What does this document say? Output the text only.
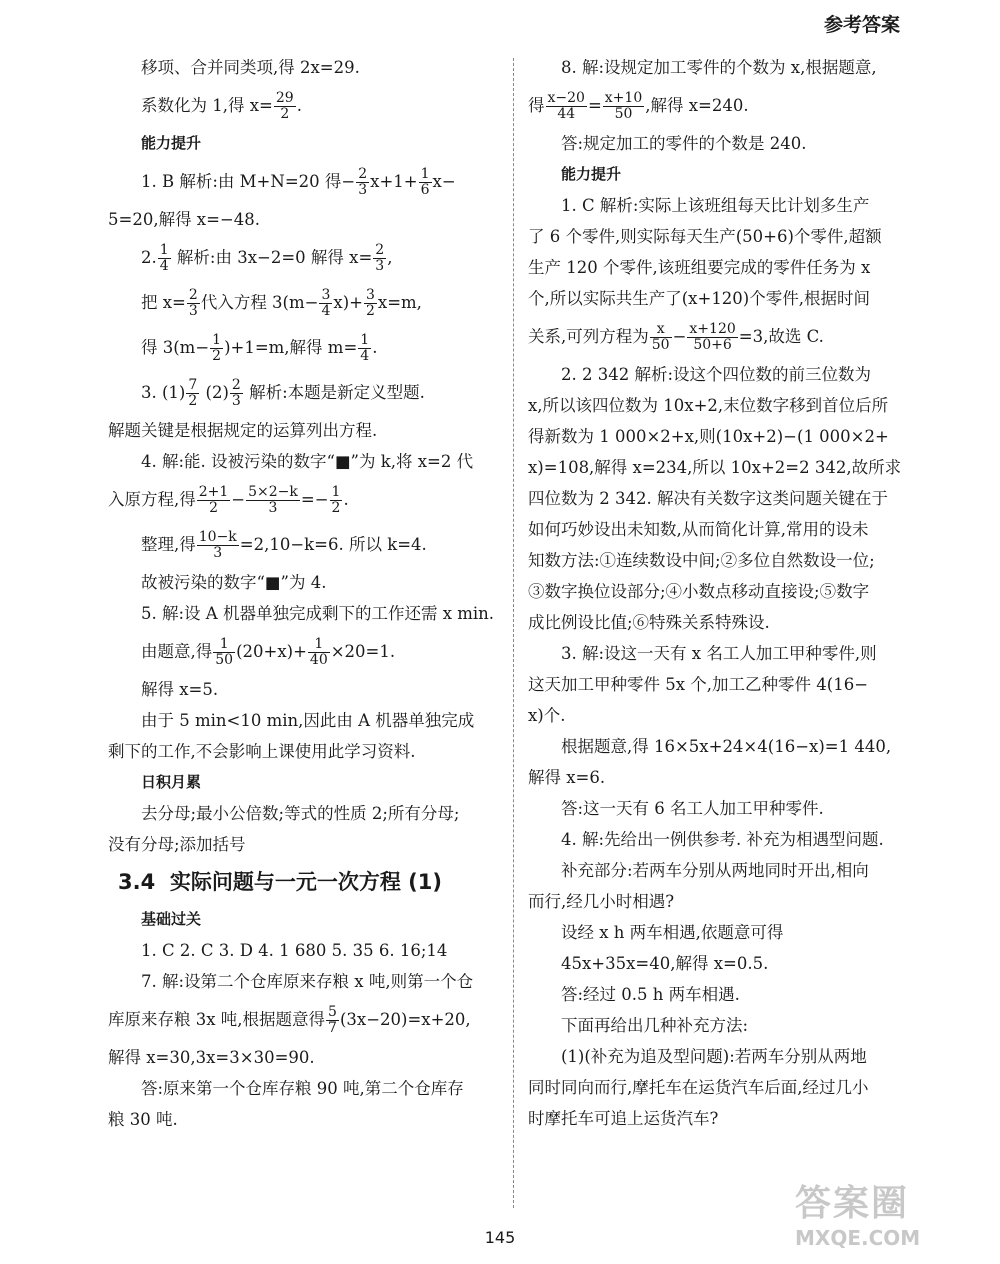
参考答案
移项、合并同类项,得 2x=29.
系数化为 1,得 $x= \frac{29}{2}$ .
能力提升
1. B 解析:由 M+N=20 得− $\frac{2}{3} x+1+ \frac{1}{6} x-$
5=20,解得 x=−48.
2. $\frac{1}{4}$ 解析:由 3x−2=0 解得 $x= \frac{2}{3}$ ,
把 $x= \frac{2}{3}$ 代入方程 $3(m- \frac{3}{4} x)+ \frac{3}{2} x=m$,
得 $3(m- \frac{1}{2} )+1=m$,解得 $m= \frac{1}{4}$ .
3. $(1) \frac{7}{2} (2) \frac{2}{3}$ 解析:本题是新定义型题.
解题关键是根据规定的运算列出方程.
4. 解:能. 设被污染的数字“■”为 k,将 x=2 代
入原方程,得 $\frac{2+1}{2} - \frac{5\times 2-k}{3} =- \frac{1}{2}$ .
整理,得 $\frac{10-k}{3} =2,10-k=6$. 所以 k=4.
故被污染的数字“■”为 4.
5. 解:设 A 机器单独完成剩下的工作还需 x min.
由题意,得 $\frac{1}{50} (20+x)+ \frac{1}{40} \times 20=1$.
解得 x=5.
由于 5 min<10 min,因此由 A 机器单独完成
剩下的工作,不会影响上课使用此学习资料.
日积月累
去分母;最小公倍数;等式的性质 2;所有分母;
没有分母;添加括号
3.4 实际问题与一元一次方程 (1)
基础过关
1. C 2. C 3. D 4. 1 680 5. 35 6. 16;14
7. 解:设第二个仓库原来存粮 x 吨,则第一个仓
库原来存粮 3x 吨,根据题意得 $\frac{5}{7} (3x-20)=x+20$,
解得 x=30,3x=3×30=90.
答:原来第一个仓库存粮 90 吨,第二个仓库存
粮 30 吨.
8. 解:设规定加工零件的个数为 x,根据题意,
得 $\frac{x-20}{44} = \frac{x+10}{50}$ ,解得 x=240.
答:规定加工的零件的个数是 240.
能力提升
1. C 解析:实际上该班组每天比计划多生产
了 6 个零件,则实际每天生产(50+6)个零件,超额
生产 120 个零件,该班组要完成的零件任务为 x
个,所以实际共生产了(x+120)个零件,根据时间
关系,可列方程为 $\frac{x}{50} - \frac{x+120}{50+6} =3$,故选 C.
2. 2 342 解析:设这个四位数的前三位数为
x,所以该四位数为 10x+2,末位数字移到首位后所
得新数为 1 000×2+x,则(10x+2)−(1 000×2+
x)=108,解得 x=234,所以 10x+2=2 342,故所求
四位数为 2 342. 解决有关数字这类问题关键在于
如何巧妙设出未知数,从而简化计算,常用的设未
知数方法:①连续数设中间;②多位自然数设一位;
③数字换位设部分;④小数点移动直接设;⑤数字
成比例设比值;⑥特殊关系特殊设.
3. 解:设这一天有 x 名工人加工甲种零件,则
这天加工甲种零件 5x 个,加工乙种零件 4(16−
x)个.
根据题意,得 16×5x+24×4(16−x)=1 440,
解得 x=6.
答:这一天有 6 名工人加工甲种零件.
4. 解:先给出一例供参考. 补充为相遇型问题.
补充部分:若两车分别从两地同时开出,相向
而行,经几小时相遇?
设经 x h 两车相遇,依题意可得
45x+35x=40,解得 x=0.5.
答:经过 0.5 h 两车相遇.
下面再给出几种补充方法:
(1)(补充为追及型问题):若两车分别从两地
同时同向而行,摩托车在运货汽车后面,经过几小
时摩托车可追上运货汽车?
145
答案圈
MXQE.COM
